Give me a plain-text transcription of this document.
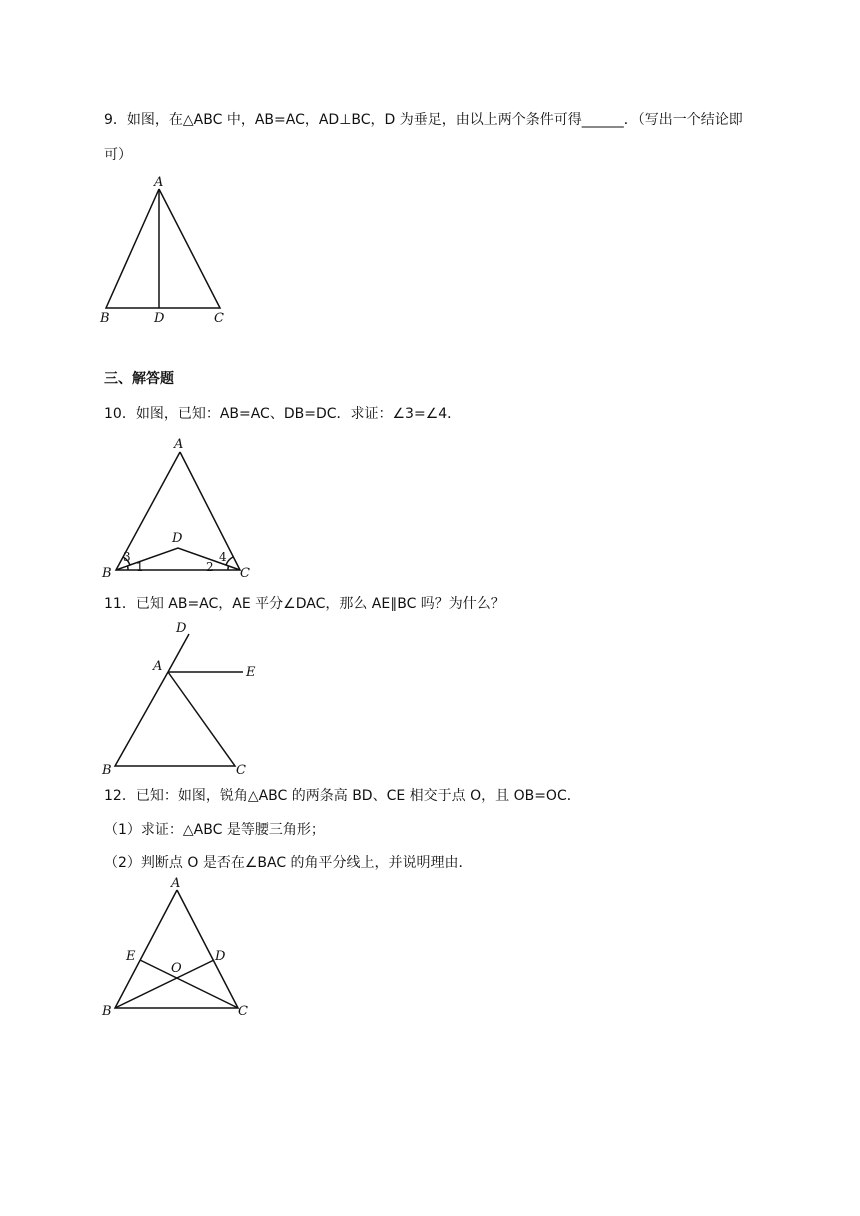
9．如图，在△ABC 中，AB=AC，AD⊥BC，D 为垂足，由以上两个条件可得______．（写出一个结论即
可）
A
B	D	C
三、解答题
10．如图，已知：AB=AC、DB=DC．求证：∠3=∠4．
A
D
B	C
3
1	2
4
11．已知 AB=AC，AE 平分∠DAC，那么 AE∥BC 吗？为什么？
D
A	E
B	C
12．已知：如图，锐角△ABC 的两条高 BD、CE 相交于点 O，且 OB=OC．
（1）求证：△ABC 是等腰三角形；
（2）判断点 O 是否在∠BAC 的角平分线上，并说明理由．
A
E	D
O
B	C
